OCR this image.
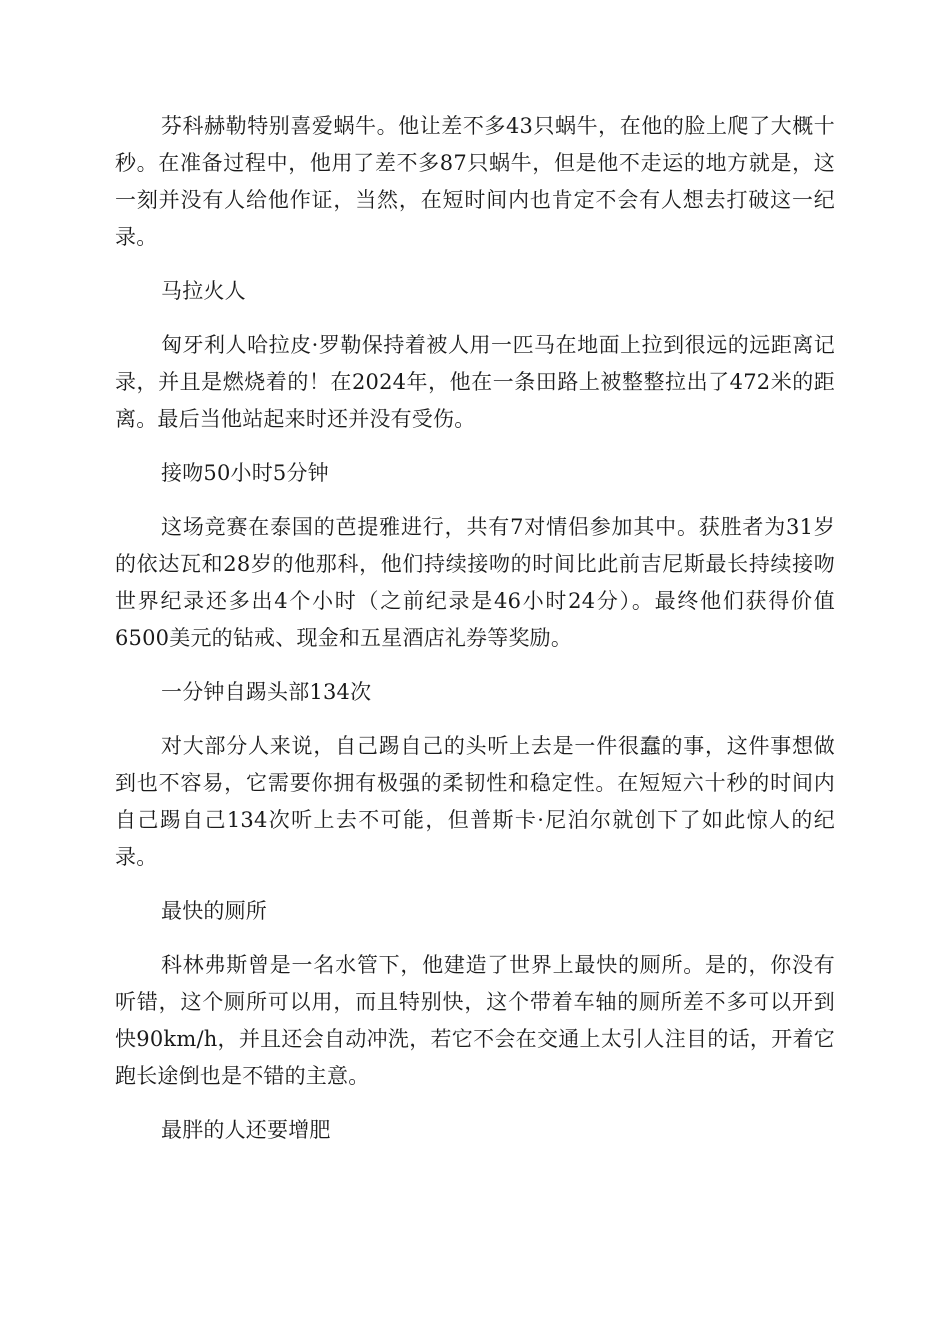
芬科赫勒特别喜爱蜗牛。他让差不多43只蜗牛，在他的脸上爬了大概十秒。在准备过程中，他用了差不多87只蜗牛，但是他不走运的地方就是，这一刻并没有人给他作证，当然，在短时间内也肯定不会有人想去打破这一纪录。

马拉火人

匈牙利人哈拉皮·罗勒保持着被人用一匹马在地面上拉到很远的远距离记录，并且是燃烧着的！在2024年，他在一条田路上被整整拉出了472米的距离。最后当他站起来时还并没有受伤。

接吻50小时5分钟

这场竞赛在泰国的芭提雅进行，共有7对情侣参加其中。获胜者为31岁的依达瓦和28岁的他那科，他们持续接吻的时间比此前吉尼斯最长持续接吻世界纪录还多出4个小时（之前纪录是46小时24分）。最终他们获得价值6500美元的钻戒、现金和五星酒店礼券等奖励。

一分钟自踢头部134次

对大部分人来说，自己踢自己的头听上去是一件很蠢的事，这件事想做到也不容易，它需要你拥有极强的柔韧性和稳定性。在短短六十秒的时间内自己踢自己134次听上去不可能，但普斯卡·尼泊尔就创下了如此惊人的纪录。

最快的厕所

科林弗斯曾是一名水管下，他建造了世界上最快的厕所。是的，你没有听错，这个厕所可以用，而且特别快，这个带着车轴的厕所差不多可以开到快90km/h，并且还会自动冲洗，若它不会在交通上太引人注目的话，开着它跑长途倒也是不错的主意。

最胖的人还要增肥
